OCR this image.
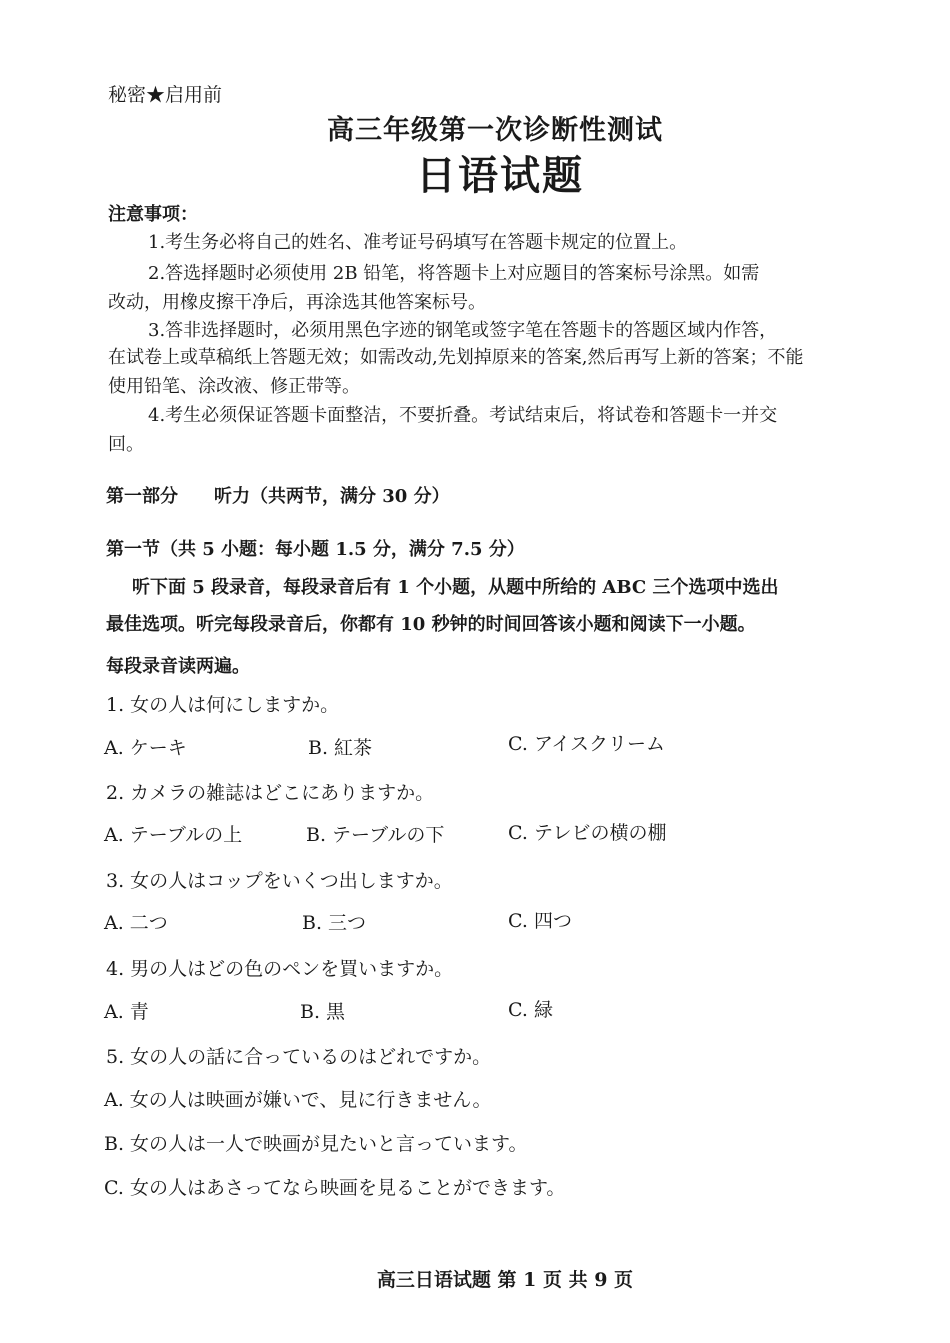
秘密★启用前
高三年级第一次诊断性测试
日语试题
注意事项：
1.考生务必将自己的姓名、准考证号码填写在答题卡规定的位置上。
2.答选择题时必须使用 2B 铅笔，将答题卡上对应题目的答案标号涂黑。如需
改动，用橡皮擦干净后，再涂选其他答案标号。
3.答非选择题时，必须用黑色字迹的钢笔或签字笔在答题卡的答题区域内作答，
在试卷上或草稿纸上答题无效；如需改动,先划掉原来的答案,然后再写上新的答案；不能
使用铅笔、涂改液、修正带等。
4.考生必须保证答题卡面整洁，不要折叠。考试结束后，将试卷和答题卡一并交
回。
第一部分　　听力（共两节，满分 30 分）
第一节（共 5 小题：每小题 1.5 分，满分 7.5 分）
听下面 5 段录音，每段录音后有 1 个小题，从题中所给的 ABC 三个选项中选出
最佳选项。听完每段录音后，你都有 10 秒钟的时间回答该小题和阅读下一小题。
每段录音读两遍。
1. 女の人は何にしますか。
A. ケーキ	B. 紅茶	C. アイスクリーム
2. カメラの雑誌はどこにありますか。
A. テーブルの上	B. テーブルの下	C. テレビの横の棚
3. 女の人はコップをいくつ出しますか。
A. 二つ	B. 三つ	C. 四つ
4. 男の人はどの色のペンを買いますか。
A. 青	B. 黒	C. 緑
5. 女の人の話に合っているのはどれですか。
A. 女の人は映画が嫌いで、見に行きません。
B. 女の人は一人で映画が見たいと言っています。
C. 女の人はあさってなら映画を見ることができます。
高三日语试题 第 1 页 共 9 页
